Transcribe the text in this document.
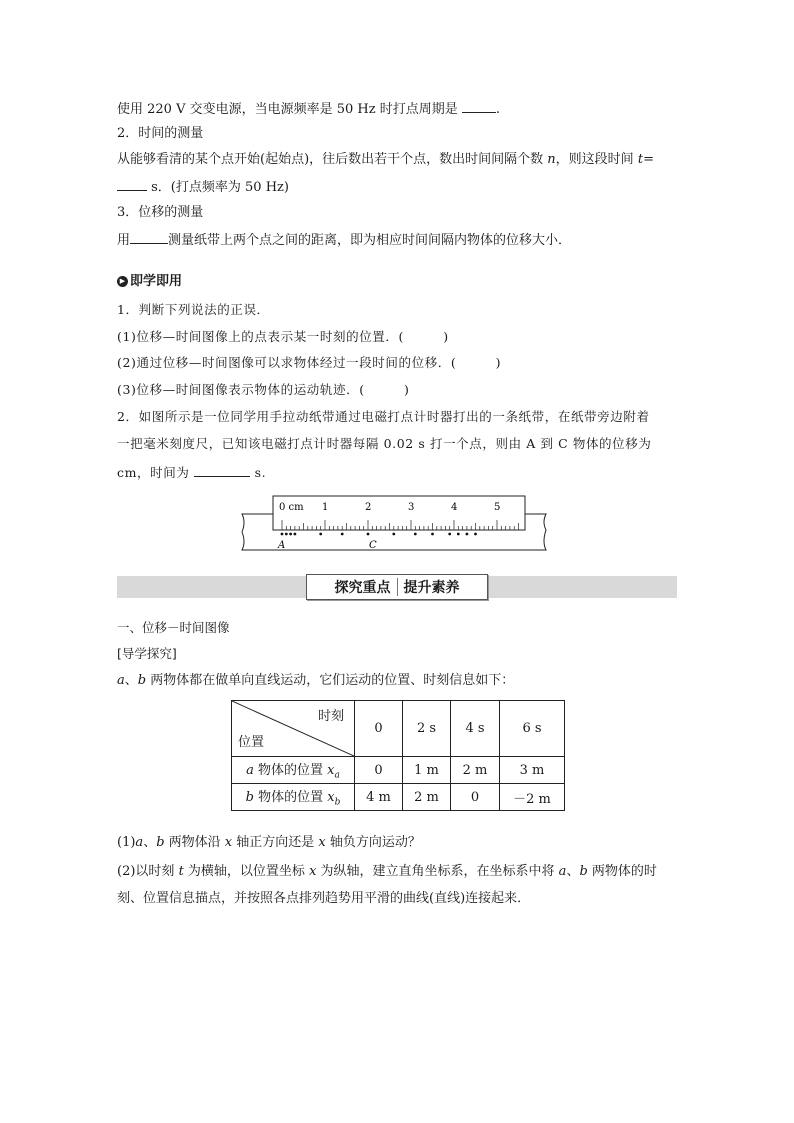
使用 220 V 交变电源，当电源频率是 50 Hz 时打点周期是	.
2．时间的测量
从能够看清的某个点开始(起始点)，往后数出若干个点，数出时间间隔个数 n，则这段时间 t=
s．(打点频率为 50 Hz)
3．位移的测量
用	测量纸带上两个点之间的距离，即为相应时间间隔内物体的位移大小．
▶ 即学即用
1．判断下列说法的正误．
(1)位移—时间图像上的点表示某一时刻的位置．(　　　)
(2)通过位移—时间图像可以求物体经过一段时间的位移．(　　　)
(3)位移—时间图像表示物体的运动轨迹．(　　　)
2．如图所示是一位同学用手拉动纸带通过电磁打点计时器打出的一条纸带，在纸带旁边附着
一把毫米刻度尺，已知该电磁打点计时器每隔 0.02 s 打一个点，则由 A 到 C 物体的位移为
cm，时间为	s.
0 cm 1	2	3	4	5
A	C
探究重点 提升素养
一、位移－时间图像
[导学探究]
a、b 两物体都在做单向直线运动，它们运动的位置、时刻信息如下：
时刻
位置	0	2 s	4 s	6 s
a 物体的位置 $x_a$	0	1 m	2 m	3 m
b 物体的位置 $x_b$	4 m	2 m	0	－2 m
(1)a、b 两物体沿 x 轴正方向还是 x 轴负方向运动？
(2)以时刻 t 为横轴，以位置坐标 x 为纵轴，建立直角坐标系，在坐标系中将 a、b 两物体的时
刻、位置信息描点，并按照各点排列趋势用平滑的曲线(直线)连接起来．
